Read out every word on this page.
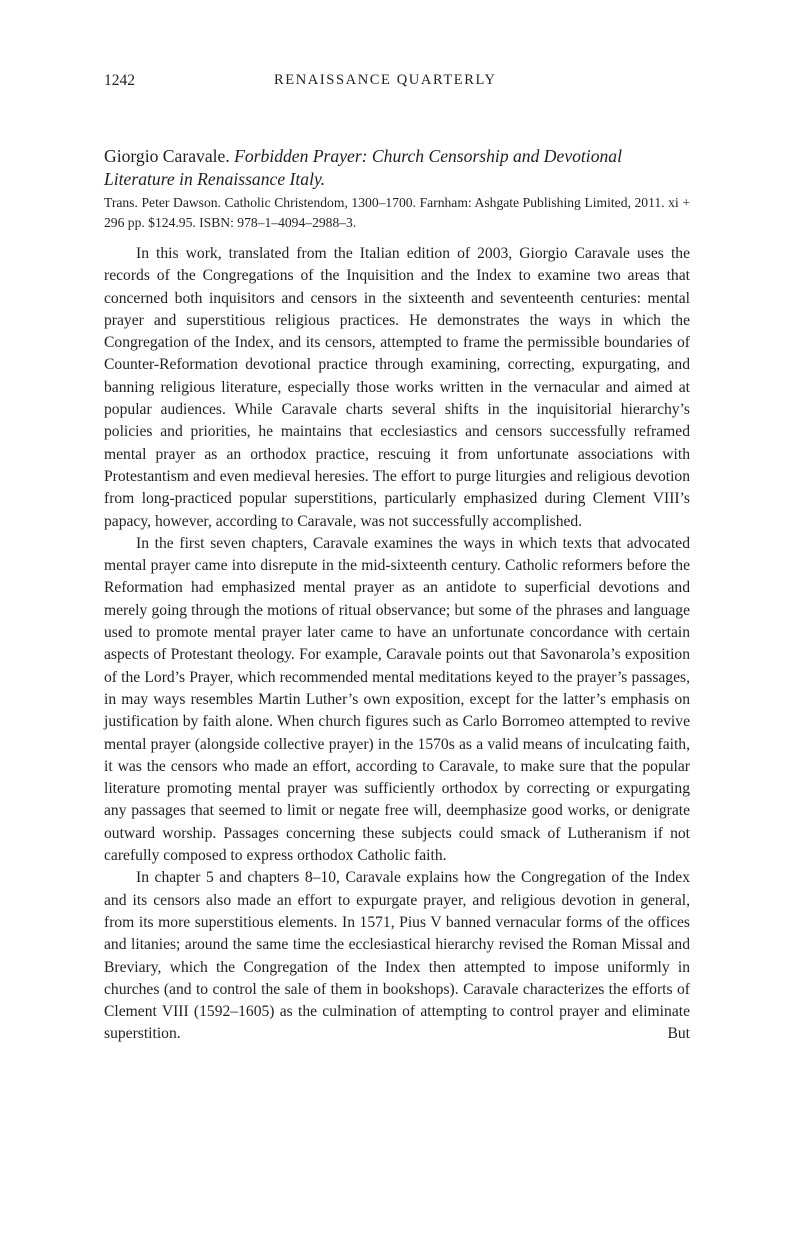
1242	RENAISSANCE QUARTERLY

Giorgio Caravale. Forbidden Prayer: Church Censorship and Devotional Literature in Renaissance Italy.

Trans. Peter Dawson. Catholic Christendom, 1300–1700. Farnham: Ashgate Publishing Limited, 2011. xi + 296 pp. $124.95. ISBN: 978–1–4094–2988–3.

In this work, translated from the Italian edition of 2003, Giorgio Caravale uses the records of the Congregations of the Inquisition and the Index to examine two areas that concerned both inquisitors and censors in the sixteenth and seventeenth centuries: mental prayer and superstitious religious practices. He demonstrates the ways in which the Congregation of the Index, and its censors, attempted to frame the permissible boundaries of Counter-Reformation devotional practice through examining, correcting, expurgating, and banning religious literature, especially those works written in the vernacular and aimed at popular audiences. While Caravale charts several shifts in the inquisitorial hierarchy’s policies and priorities, he maintains that ecclesiastics and censors successfully reframed mental prayer as an orthodox practice, rescuing it from unfortunate associations with Protestantism and even medieval heresies. The effort to purge liturgies and religious devotion from long-practiced popular superstitions, particularly emphasized during Clement VIII’s papacy, however, according to Caravale, was not successfully accomplished.

In the first seven chapters, Caravale examines the ways in which texts that advocated mental prayer came into disrepute in the mid-sixteenth century. Catholic reformers before the Reformation had emphasized mental prayer as an antidote to superficial devotions and merely going through the motions of ritual observance; but some of the phrases and language used to promote mental prayer later came to have an unfortunate concordance with certain aspects of Protestant theology. For example, Caravale points out that Savonarola’s exposition of the Lord’s Prayer, which recommended mental meditations keyed to the prayer’s passages, in may ways resembles Martin Luther’s own exposition, except for the latter’s emphasis on justification by faith alone. When church figures such as Carlo Borromeo attempted to revive mental prayer (alongside collective prayer) in the 1570s as a valid means of inculcating faith, it was the censors who made an effort, according to Caravale, to make sure that the popular literature promoting mental prayer was sufficiently orthodox by correcting or expurgating any passages that seemed to limit or negate free will, deemphasize good works, or denigrate outward worship. Passages concerning these subjects could smack of Lutheranism if not carefully composed to express orthodox Catholic faith.

In chapter 5 and chapters 8–10, Caravale explains how the Congregation of the Index and its censors also made an effort to expurgate prayer, and religious devotion in general, from its more superstitious elements. In 1571, Pius V banned vernacular forms of the offices and litanies; around the same time the ecclesiastical hierarchy revised the Roman Missal and Breviary, which the Congregation of the Index then attempted to impose uniformly in churches (and to control the sale of them in bookshops). Caravale characterizes the efforts of Clement VIII (1592–1605) as the culmination of attempting to control prayer and eliminate superstition. But
